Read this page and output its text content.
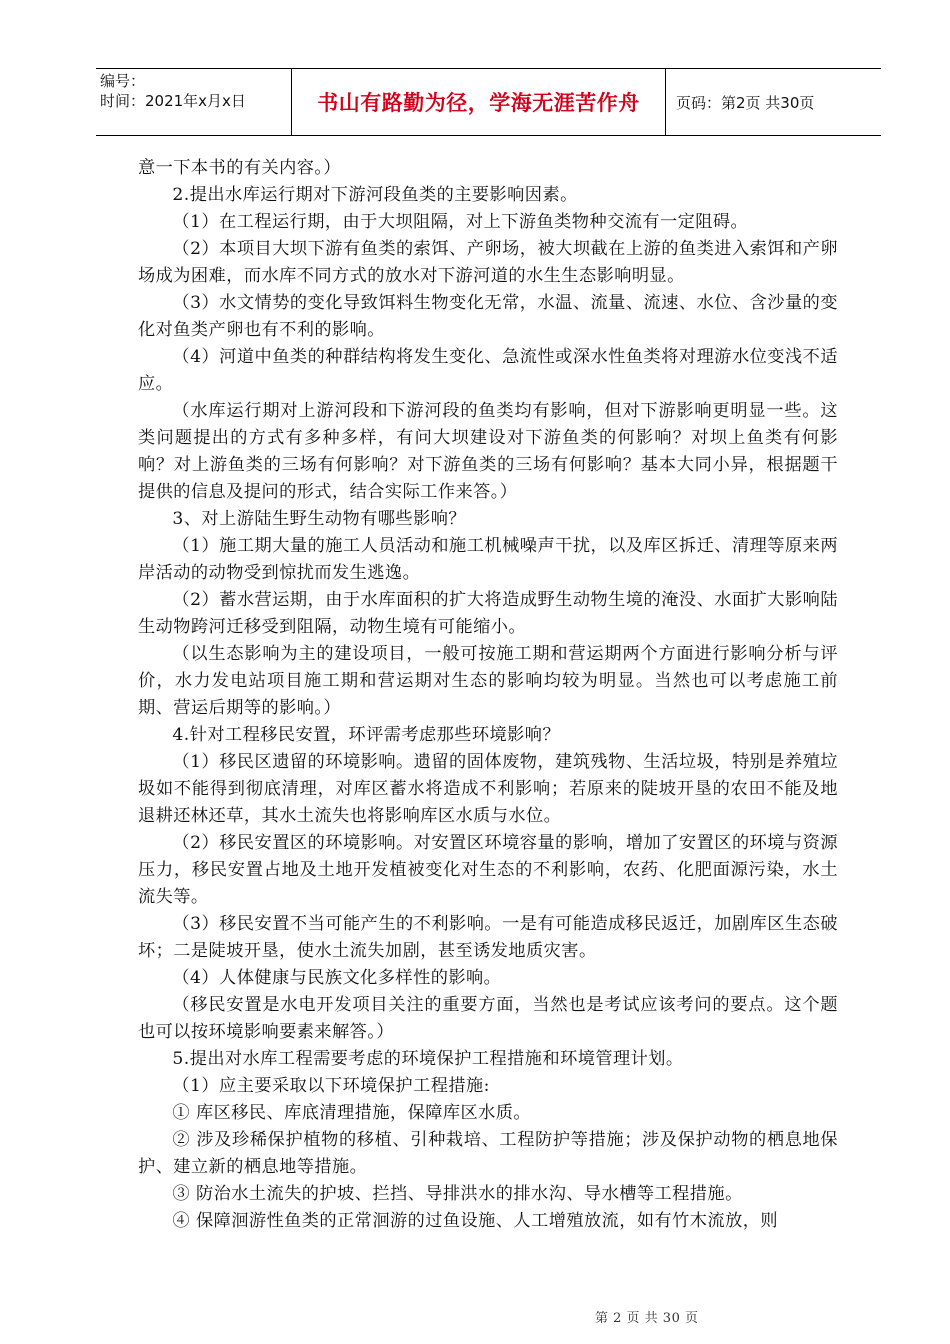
编号：
时间：2021年x月x日	书山有路勤为径，学海无涯苦作舟	页码：第2页 共30页

意一下本书的有关内容。）

2.提出水库运行期对下游河段鱼类的主要影响因素。

（1）在工程运行期，由于大坝阻隔，对上下游鱼类物种交流有一定阻碍。

（2）本项目大坝下游有鱼类的索饵、产卵场，被大坝截在上游的鱼类进入索饵和产卵场成为困难，而水库不同方式的放水对下游河道的水生生态影响明显。

（3）水文情势的变化导致饵料生物变化无常，水温、流量、流速、水位、含沙量的变化对鱼类产卵也有不利的影响。

（4）河道中鱼类的种群结构将发生变化、急流性或深水性鱼类将对理游水位变浅不适应。

（水库运行期对上游河段和下游河段的鱼类均有影响，但对下游影响更明显一些。这类问题提出的方式有多种多样，有问大坝建设对下游鱼类的何影响？对坝上鱼类有何影响？对上游鱼类的三场有何影响？对下游鱼类的三场有何影响？基本大同小异，根据题干提供的信息及提问的形式，结合实际工作来答。）

3、对上游陆生野生动物有哪些影响？

（1）施工期大量的施工人员活动和施工机械噪声干扰，以及库区拆迁、清理等原来两岸活动的动物受到惊扰而发生逃逸。

（2）蓄水营运期，由于水库面积的扩大将造成野生动物生境的淹没、水面扩大影响陆生动物跨河迁移受到阻隔，动物生境有可能缩小。

（以生态影响为主的建设项目，一般可按施工期和营运期两个方面进行影响分析与评价，水力发电站项目施工期和营运期对生态的影响均较为明显。当然也可以考虑施工前期、营运后期等的影响。）

4.针对工程移民安置，环评需考虑那些环境影响？

（1）移民区遗留的环境影响。遗留的固体废物，建筑残物、生活垃圾，特别是养殖垃圾如不能得到彻底清理，对库区蓄水将造成不利影响；若原来的陡坡开垦的农田不能及地退耕还林还草，其水土流失也将影响库区水质与水位。

（2）移民安置区的环境影响。对安置区环境容量的影响，增加了安置区的环境与资源压力，移民安置占地及土地开发植被变化对生态的不利影响，农药、化肥面源污染，水土流失等。

（3）移民安置不当可能产生的不利影响。一是有可能造成移民返迁，加剧库区生态破坏；二是陡坡开垦，使水土流失加剧，甚至诱发地质灾害。

（4）人体健康与民族文化多样性的影响。

（移民安置是水电开发项目关注的重要方面，当然也是考试应该考问的要点。这个题也可以按环境影响要素来解答。）

5.提出对水库工程需要考虑的环境保护工程措施和环境管理计划。

（1）应主要采取以下环境保护工程措施:

① 库区移民、库底清理措施，保障库区水质。

② 涉及珍稀保护植物的移植、引种栽培、工程防护等措施；涉及保护动物的栖息地保护、建立新的栖息地等措施。

③ 防治水土流失的护坡、拦挡、导排洪水的排水沟、导水槽等工程措施。

④ 保障洄游性鱼类的正常洄游的过鱼设施、人工增殖放流，如有竹木流放，则

第 2 页 共 30 页
